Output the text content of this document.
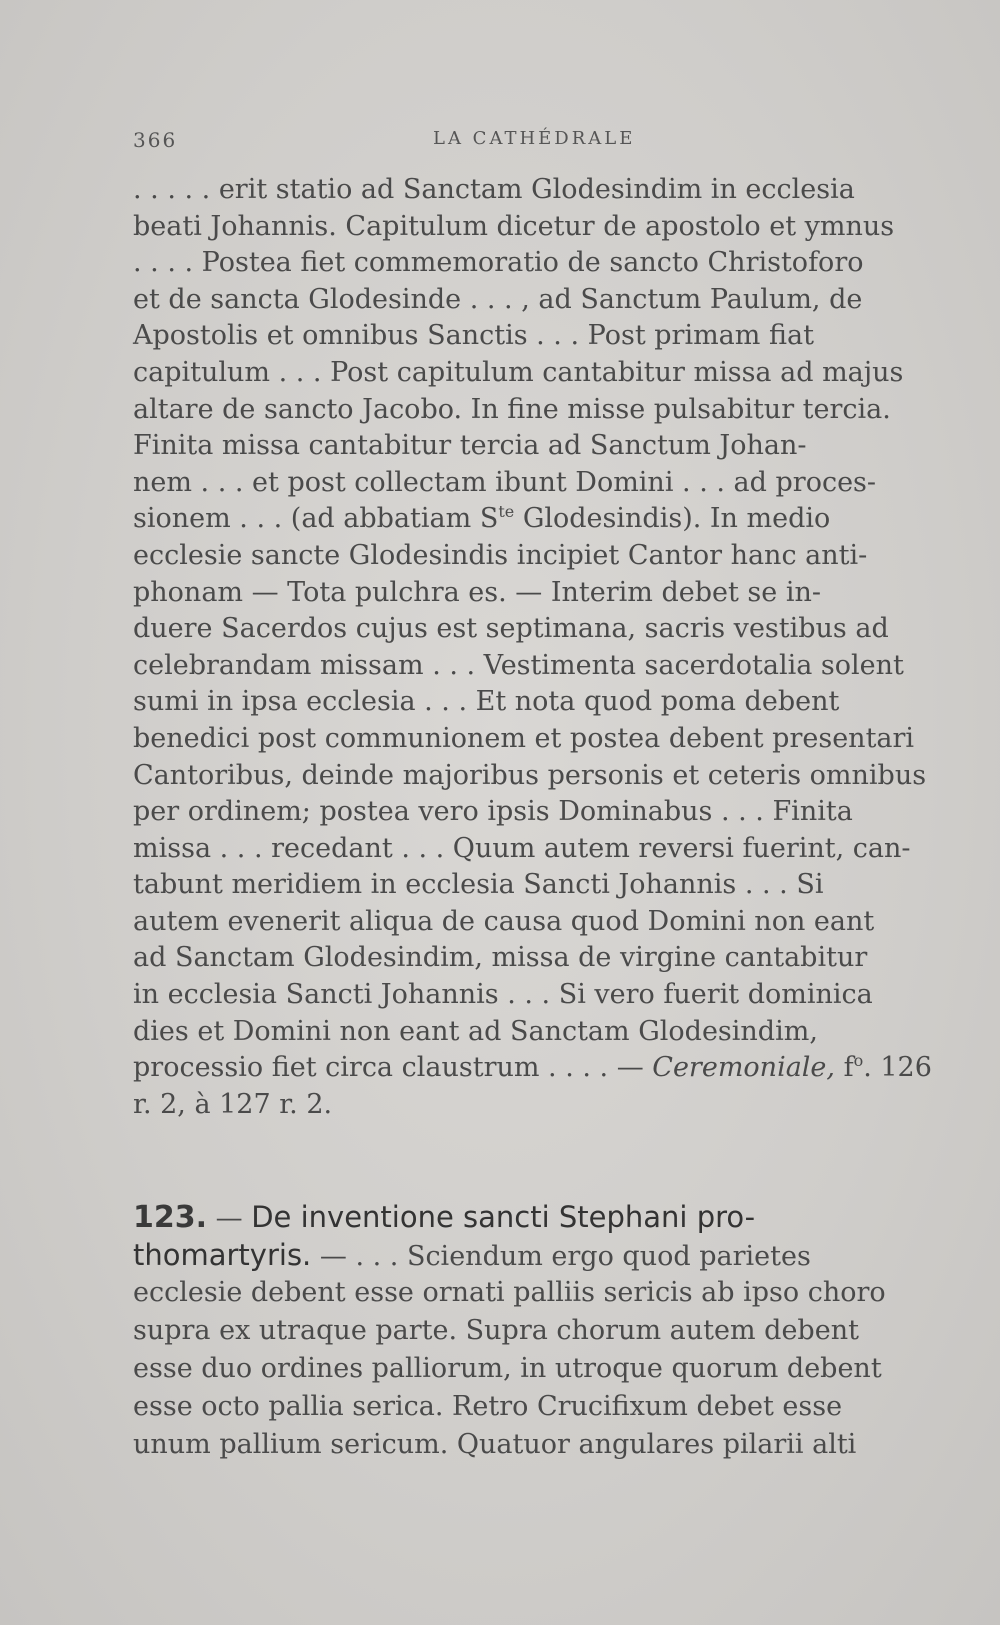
366	LA CATHÉDRALE
. . . . . erit statio ad Sanctam Glodesindim in ecclesia
beati Johannis. Capitulum dicetur de apostolo et ymnus
. . . . Postea fiet commemoratio de sancto Christoforo
et de sancta Glodesinde . . . , ad Sanctum Paulum, de
Apostolis et omnibus Sanctis . . . Post primam fiat
capitulum . . . Post capitulum cantabitur missa ad majus
altare de sancto Jacobo. In fine misse pulsabitur tercia.
Finita missa cantabitur tercia ad Sanctum Johan-
nem . . . et post collectam ibunt Domini . . . ad proces-
sionem . . . (ad abbatiam $S^{te}$ Glodesindis). In medio
ecclesie sancte Glodesindis incipiet Cantor hanc anti-
phonam — Tota pulchra es. — Interim debet se in-
duere Sacerdos cujus est septimana, sacris vestibus ad
celebrandam missam . . . Vestimenta sacerdotalia solent
sumi in ipsa ecclesia . . . Et nota quod poma debent
benedici post communionem et postea debent presentari
Cantoribus, deinde majoribus personis et ceteris omnibus
per ordinem; postea vero ipsis Dominabus . . . Finita
missa . . . recedant . . . Quum autem reversi fuerint, can-
tabunt meridiem in ecclesia Sancti Johannis . . . Si
autem evenerit aliqua de causa quod Domini non eant
ad Sanctam Glodesindim, missa de virgine cantabitur
in ecclesia Sancti Johannis . . . Si vero fuerit dominica
dies et Domini non eant ad Sanctam Glodesindim,
processio fiet circa claustrum . . . . — Ceremoniale, $f^o$. 126
r. 2, à 127 r. 2.
123. — De inventione sancti Stephani pro-
thomartyris. — . . . Sciendum ergo quod parietes
ecclesie debent esse ornati palliis sericis ab ipso choro
supra ex utraque parte. Supra chorum autem debent
esse duo ordines palliorum, in utroque quorum debent
esse octo pallia serica. Retro Crucifixum debet esse
unum pallium sericum. Quatuor angulares pilarii alti
